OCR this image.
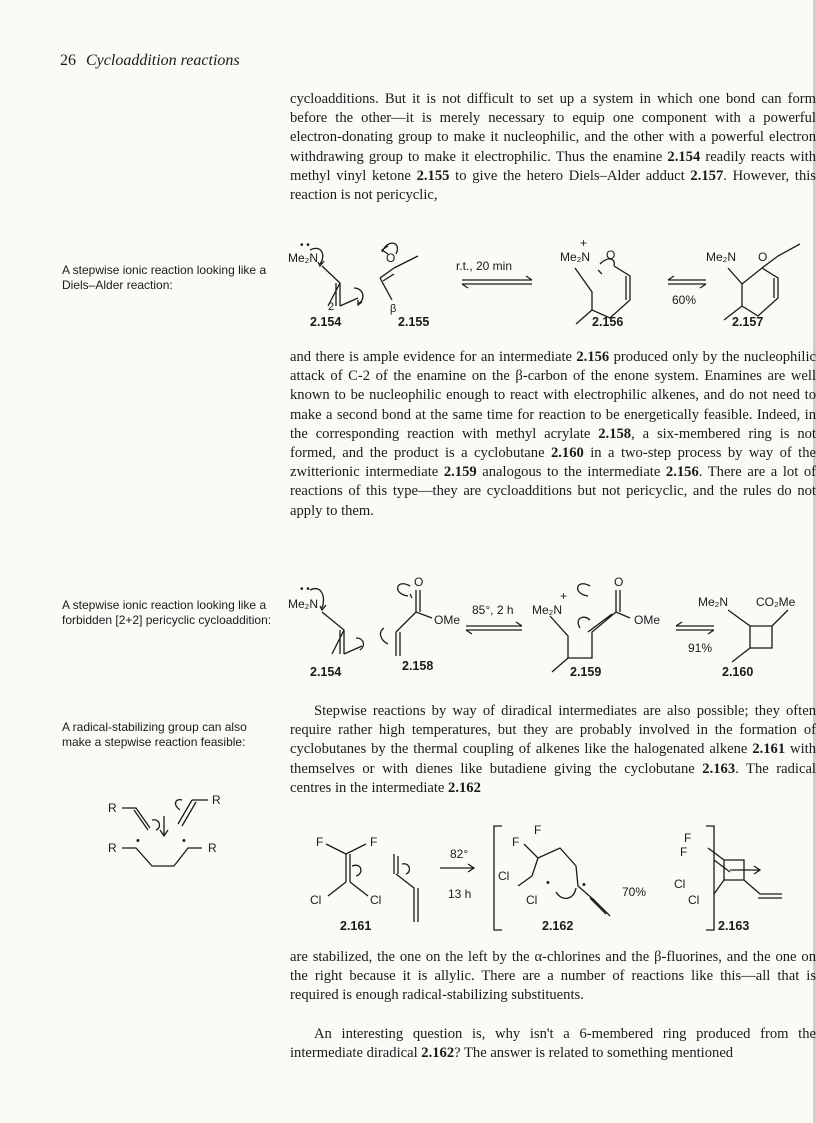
26 Cycloaddition reactions

cycloadditions. But it is not difficult to set up a system in which one bond can form before the other—it is merely necessary to equip one component with a powerful electron-donating group to make it nucleophilic, and the other with a powerful electron withdrawing group to make it electrophilic. Thus the enamine 2.154 readily reacts with methyl vinyl ketone 2.155 to give the hetero Diels–Alder adduct 2.157. However, this reaction is not pericyclic,

A stepwise ionic reaction looking like a Diels–Alder reaction:

Me₂N
• •
O
2	β
r.t., 20 min
Me₂N
+
O
60%
Me₂N O
2.154	2.155	2.156	2.157

and there is ample evidence for an intermediate 2.156 produced only by the nucleophilic attack of C-2 of the enamine on the β-carbon of the enone system. Enamines are well known to be nucleophilic enough to react with electrophilic alkenes, and do not need to make a second bond at the same time for reaction to be energetically feasible. Indeed, in the corresponding reaction with methyl acrylate 2.158, a six-membered ring is not formed, and the product is a cyclobutane 2.160 in a two-step process by way of the zwitterionic intermediate 2.159 analogous to the intermediate 2.156. There are a lot of reactions of this type—they are cycloadditions but not pericyclic, and the rules do not apply to them.

A stepwise ionic reaction looking like a forbidden [2+2] pericyclic cycloaddition:

Me₂N
• •
O
OMe
85°, 2 h Me₂N
+
O
OMe
91%
Me₂N CO₂Me
2.154	2.158	2.159	2.160

Stepwise reactions by way of diradical intermediates are also possible; they often require rather high temperatures, but they are probably involved in the formation of cyclobutanes by the thermal coupling of alkenes like the halogenated alkene 2.161 with themselves or with dienes like butadiene giving the cyclobutane 2.163. The radical centres in the intermediate 2.162

A radical-stabilizing group can also make a stepwise reaction feasible:

R
R
R	R
•	•	F	F
Cl	Cl
82°
13 h
F
F
Cl
Cl
•	•	70%
F
F
Cl
Cl
2.161	2.162	2.163

are stabilized, the one on the left by the α-chlorines and the β-fluorines, and the one on the right because it is allylic. There are a number of reactions like this—all that is required is enough radical-stabilizing substituents.

An interesting question is, why isn't a 6-membered ring produced from the intermediate diradical 2.162? The answer is related to something mentioned
